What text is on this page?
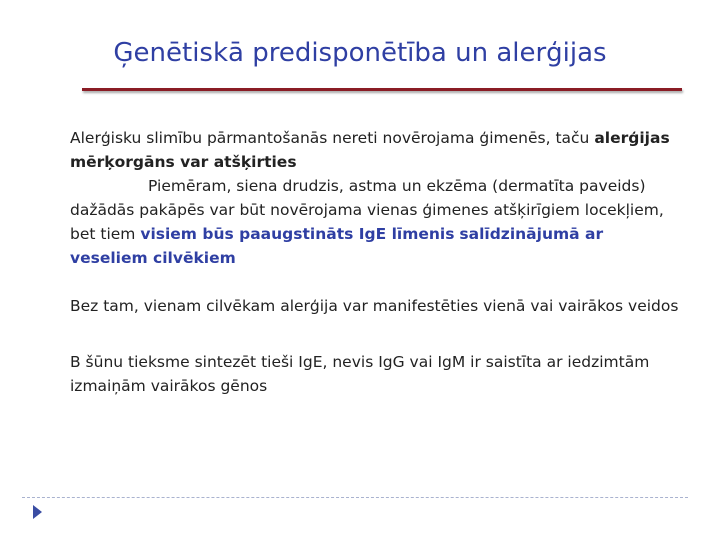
Ģenētiskā predisponētība un alerģijas

Alerģisku slimību pārmantošanās nereti novērojama ģimenēs, taču alerģijas mērķorgāns var atšķirties
Piemēram, siena drudzis, astma un ekzēma (dermatīta paveids) dažādās pakāpēs var būt novērojama vienas ģimenes atšķirīgiem locekļiem, bet tiem visiem būs paaugstināts IgE līmenis salīdzinājumā ar veseliem cilvēkiem

Bez tam, vienam cilvēkam alerģija var manifestēties vienā vai vairākos veidos

B šūnu tieksme sintezēt tieši IgE, nevis IgG vai IgM ir saistīta ar iedzimtām izmaiņām vairākos gēnos
